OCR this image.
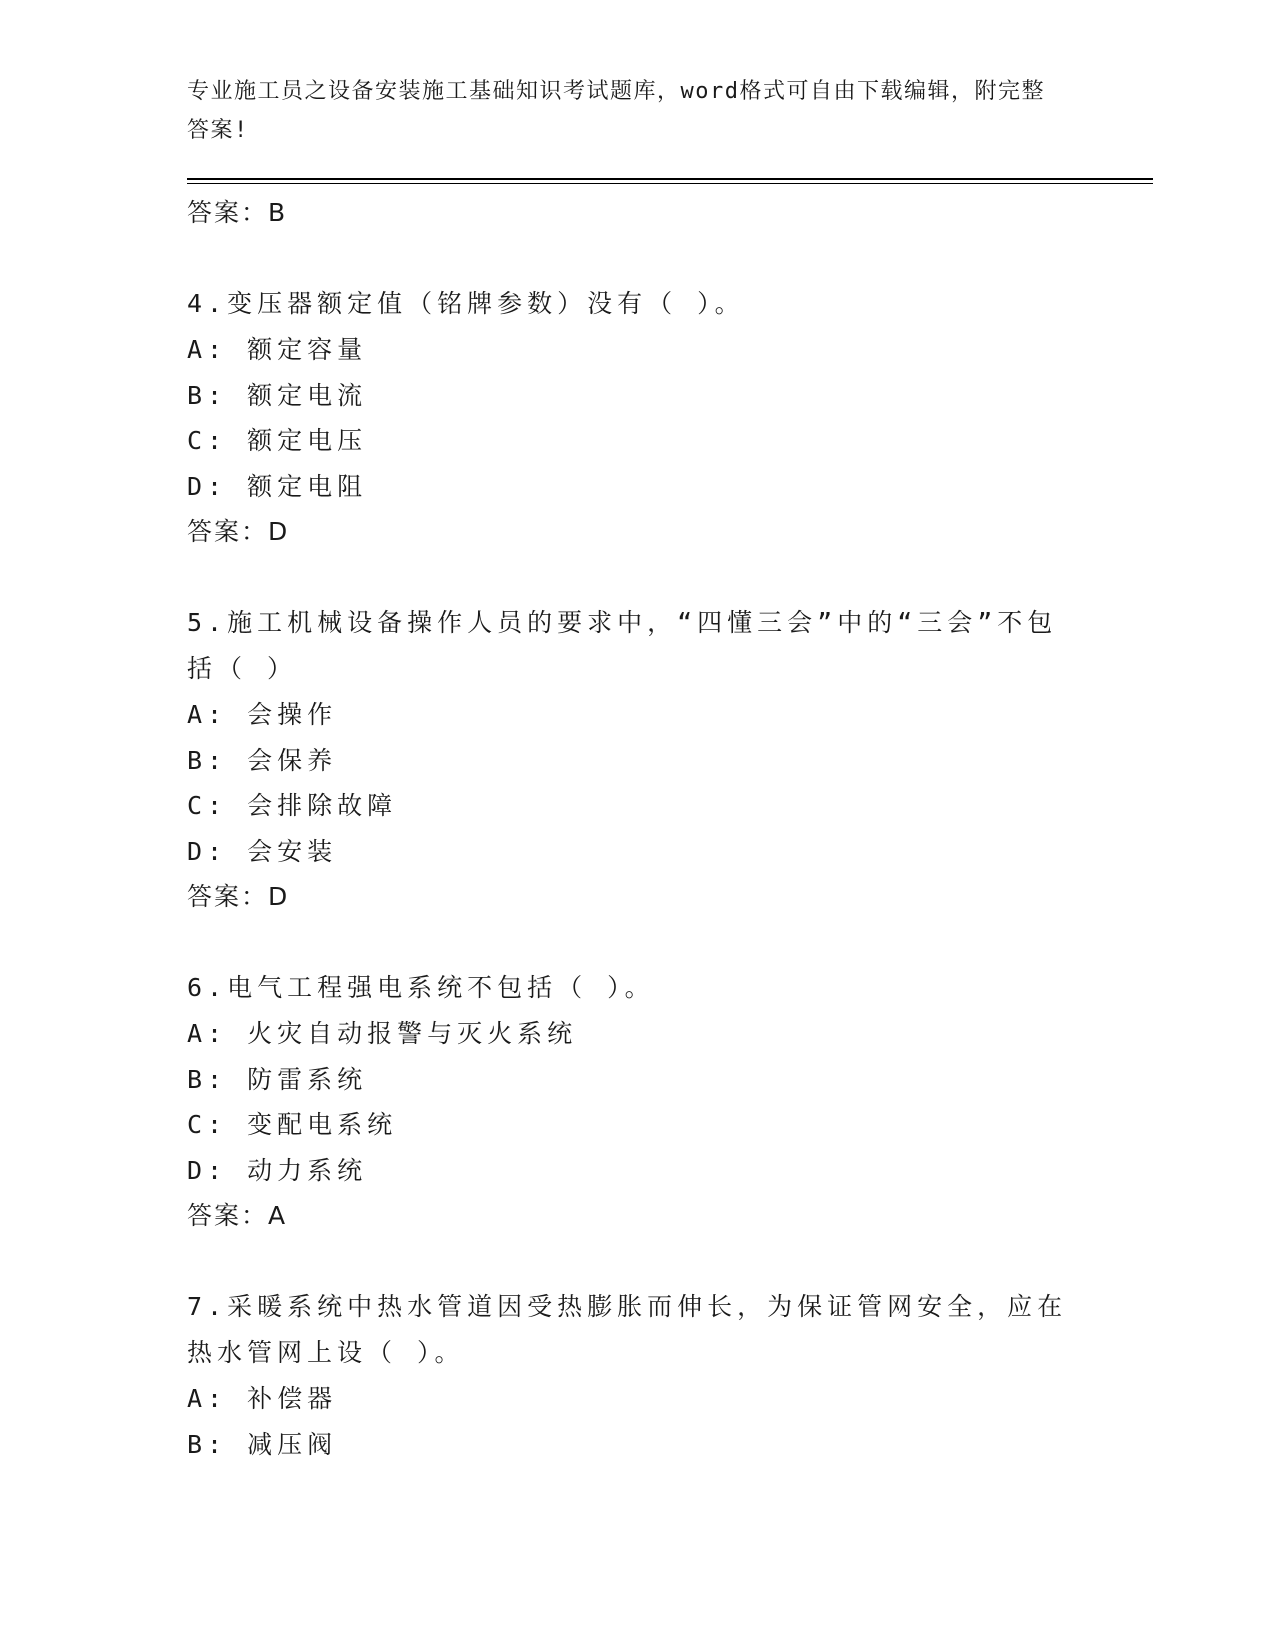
专业施工员之设备安装施工基础知识考试题库，word格式可自由下载编辑，附完整答案!

答案：B

4.变压器额定值（铭牌参数）没有（ ）。

A: 额定容量

B: 额定电流

C: 额定电压

D: 额定电阻

答案：D

5.施工机械设备操作人员的要求中，“四懂三会”中的“三会”不包括（ ）

A: 会操作

B: 会保养

C: 会排除故障

D: 会安装

答案：D

6.电气工程强电系统不包括（ ）。

A: 火灾自动报警与灭火系统

B: 防雷系统

C: 变配电系统

D: 动力系统

答案：A

7.采暖系统中热水管道因受热膨胀而伸长，为保证管网安全，应在热水管网上设（ ）。

A: 补偿器

B: 减压阀
